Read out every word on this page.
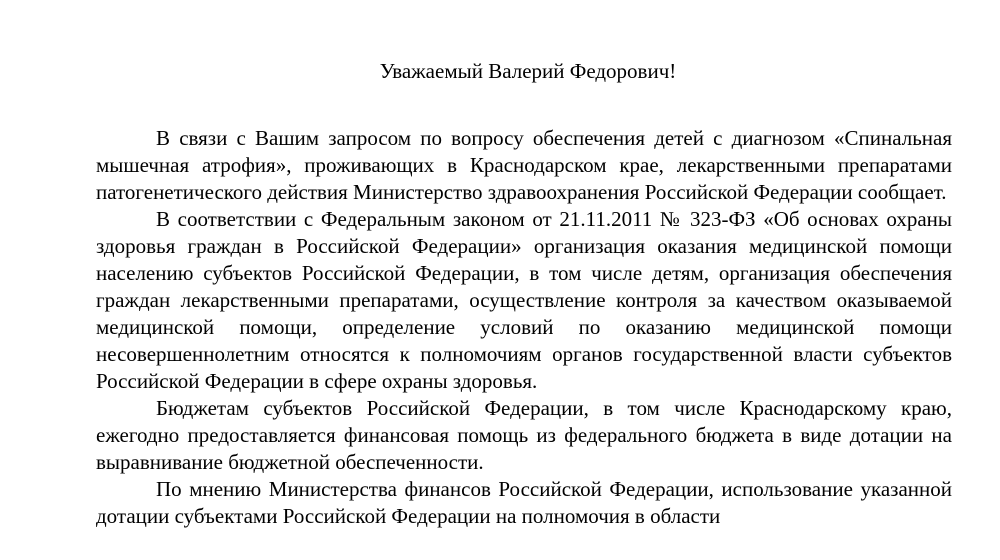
Уважаемый Валерий Федорович!

В связи с Вашим запросом по вопросу обеспечения детей с диагнозом «Спинальная мышечная атрофия», проживающих в Краснодарском крае, лекарственными препаратами патогенетического действия Министерство здравоохранения Российской Федерации сообщает.

В соответствии с Федеральным законом от 21.11.2011 № 323-ФЗ «Об основах охраны здоровья граждан в Российской Федерации» организация оказания медицинской помощи населению субъектов Российской Федерации, в том числе детям, организация обеспечения граждан лекарственными препаратами, осуществление контроля за качеством оказываемой медицинской помощи, определение условий по оказанию медицинской помощи несовершеннолетним относятся к полномочиям органов государственной власти субъектов Российской Федерации в сфере охраны здоровья.

Бюджетам субъектов Российской Федерации, в том числе Краснодарскому краю, ежегодно предоставляется финансовая помощь из федерального бюджета в виде дотации на выравнивание бюджетной обеспеченности.

По мнению Министерства финансов Российской Федерации, использование указанной дотации субъектами Российской Федерации на полномочия в области
